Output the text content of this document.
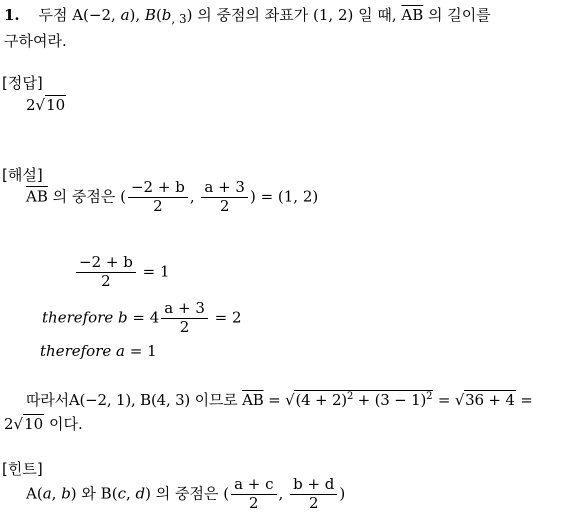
1. 두점 A(−2, a), $B(b_{, 3})$ 의 중점의 좌표가 (1, 2) 일 때, $\overline{AB}$ 의 길이를
구하여라.
[정답]
2√10
[해설]
$\overline{AB}$ 의 중점은 ( $\frac{-2 + b}{2}$ , $\frac{a + 3}{2}$ ) = (1, 2)
$\frac{-2 + b}{2} = 1$
therefore $b = 4 \frac{a + 3}{2} = 2$
therefore a = 1
따라서A(−2, 1), B(4, 3) 이므로 $\overline{AB} = √(4 + 2)^2 + (3 - 1)^2 = √36 + 4$ =
2√10 이다.
[힌트]
A(a, b) 와 B(c, d) 의 중점은 ( $\frac{a + c}{2}$ , $\frac{b + d}{2}$ )
